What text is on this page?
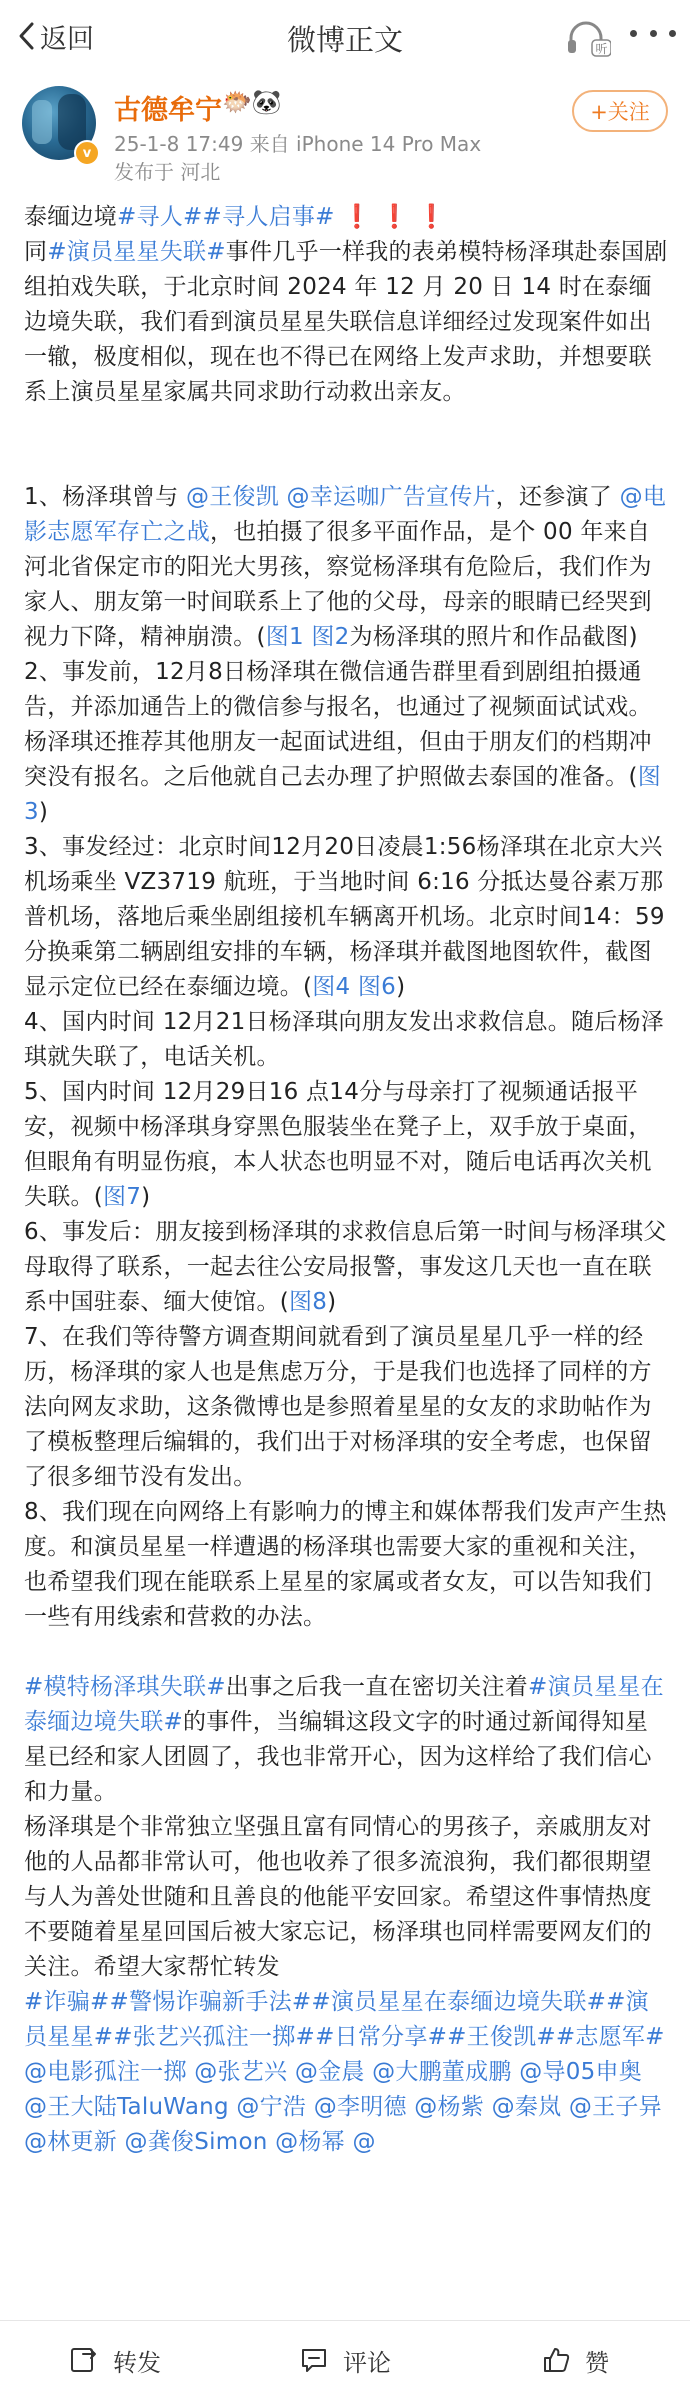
返回	微博正文	听
v
古德牟宁 🐡🐼
25-1-8 17:49 来自 iPhone 14 Pro Max
发布于 河北
+关注

泰缅边境#寻人##寻人启事# ❗ ❗ ❗

同#演员星星失联#事件几乎一样我的表弟模特杨泽琪赴泰国剧组拍戏失联，于北京时间 2024 年 12 月 20 日 14 时在泰缅边境失联，我们看到演员星星失联信息详细经过发现案件如出一辙，极度相似，现在也不得已在网络上发声求助，并想要联系上演员星星家属共同求助行动救出亲友。

1、杨泽琪曾与 @王俊凯 @幸运咖广告宣传片，还参演了 @电影志愿军存亡之战，也拍摄了很多平面作品，是个 00 年来自河北省保定市的阳光大男孩，察觉杨泽琪有危险后，我们作为家人、朋友第一时间联系上了他的父母，母亲的眼睛已经哭到视力下降，精神崩溃。(图1 图2为杨泽琪的照片和作品截图)

2、事发前，12月8日杨泽琪在微信通告群里看到剧组拍摄通告，并添加通告上的微信参与报名，也通过了视频面试试戏。杨泽琪还推荐其他朋友一起面试进组，但由于朋友们的档期冲突没有报名。之后他就自己去办理了护照做去泰国的准备。(图3)

3、事发经过：北京时间12月20日凌晨1:56杨泽琪在北京大兴机场乘坐 VZ3719 航班，于当地时间 6:16 分抵达曼谷素万那普机场，落地后乘坐剧组接机车辆离开机场。北京时间14：59 分换乘第二辆剧组安排的车辆，杨泽琪并截图地图软件，截图显示定位已经在泰缅边境。(图4 图6)

4、国内时间 12月21日杨泽琪向朋友发出求救信息。随后杨泽琪就失联了，电话关机。

5、国内时间 12月29日16 点14分与母亲打了视频通话报平安，视频中杨泽琪身穿黑色服装坐在凳子上，双手放于桌面，但眼角有明显伤痕，本人状态也明显不对，随后电话再次关机失联。(图7)

6、事发后：朋友接到杨泽琪的求救信息后第一时间与杨泽琪父母取得了联系，一起去往公安局报警，事发这几天也一直在联系中国驻泰、缅大使馆。(图8)

7、在我们等待警方调查期间就看到了演员星星几乎一样的经历，杨泽琪的家人也是焦虑万分，于是我们也选择了同样的方法向网友求助，这条微博也是参照着星星的女友的求助帖作为了模板整理后编辑的，我们出于对杨泽琪的安全考虑，也保留了很多细节没有发出。

8、我们现在向网络上有影响力的博主和媒体帮我们发声产生热度。和演员星星一样遭遇的杨泽琪也需要大家的重视和关注，也希望我们现在能联系上星星的家属或者女友，可以告知我们一些有用线索和营救的办法。

#模特杨泽琪失联#出事之后我一直在密切关注着#演员星星在泰缅边境失联#的事件，当编辑这段文字的时通过新闻得知星星已经和家人团圆了，我也非常开心，因为这样给了我们信心和力量。

杨泽琪是个非常独立坚强且富有同情心的男孩子，亲戚朋友对他的人品都非常认可，他也收养了很多流浪狗，我们都很期望与人为善处世随和且善良的他能平安回家。希望这件事情热度不要随着星星回国后被大家忘记，杨泽琪也同样需要网友们的关注。希望大家帮忙转发

#诈骗##警惕诈骗新手法##演员星星在泰缅边境失联##演员星星##张艺兴孤注一掷##日常分享##王俊凯##志愿军# @电影孤注一掷 @张艺兴 @金晨 @大鹏董成鹏 @导05申奥 @王大陆TaluWang @宁浩 @李明德 @杨紫 @秦岚 @王子异 @林更新 @龚俊Simon @杨幂 @

转发	评论	赞
